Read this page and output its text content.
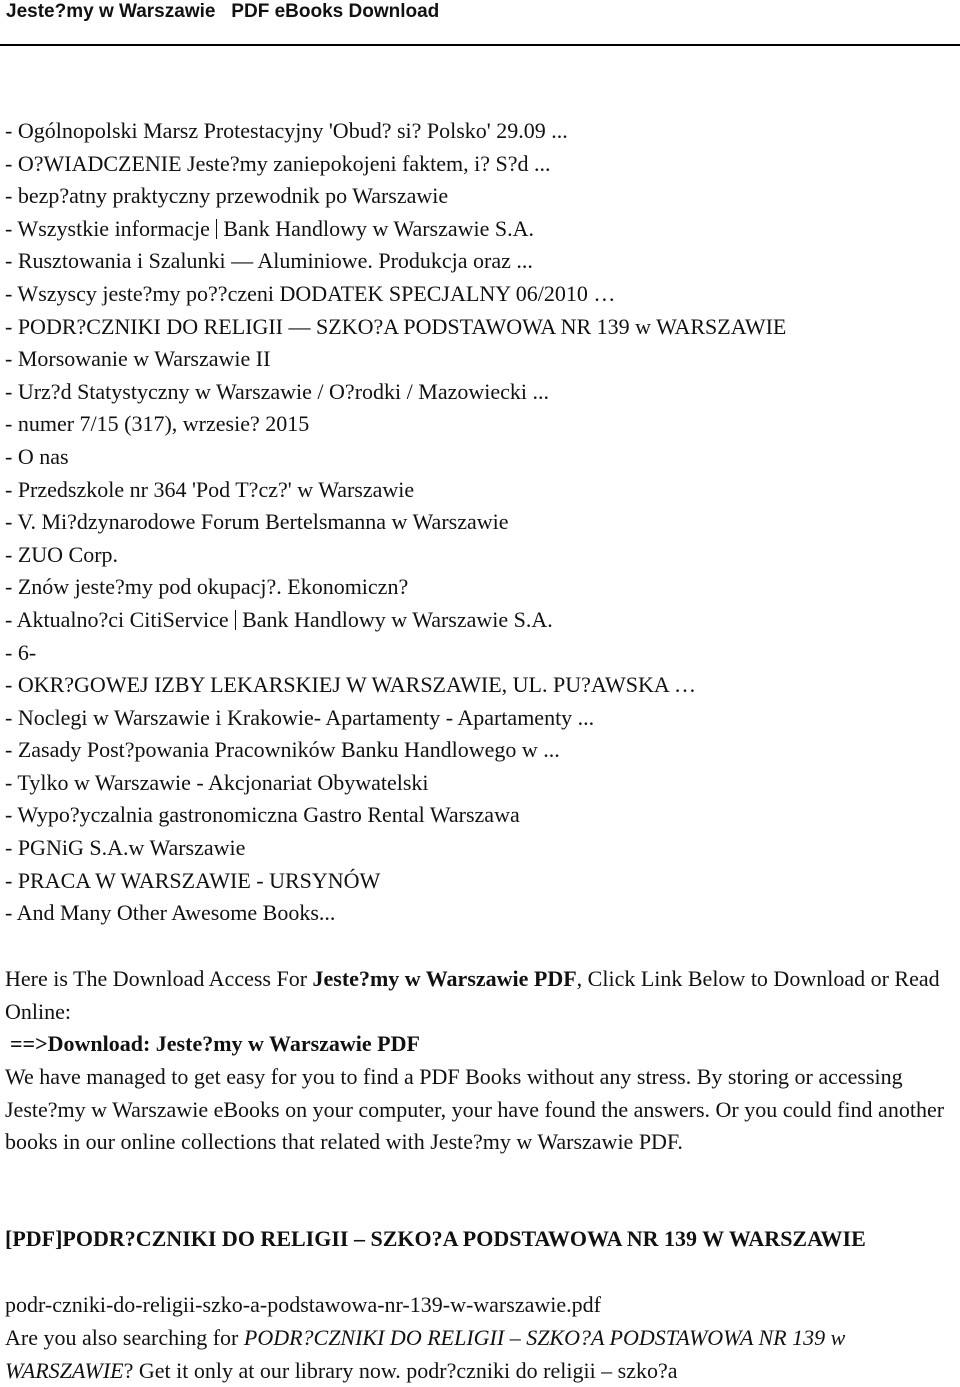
Jeste?my w Warszawie PDF eBooks Download
- Ogólnopolski Marsz Protestacyjny 'Obud? si? Polsko' 29.09 ...
- O?WIADCZENIE Jeste?my zaniepokojeni faktem, i? S?d ...
- bezp?atny praktyczny przewodnik po Warszawie
- Wszystkie informacje Bank Handlowy w Warszawie S.A.
- Rusztowania i Szalunki — Aluminiowe. Produkcja oraz ...
- Wszyscy jeste?my po??czeni DODATEK SPECJALNY 06/2010 …
- PODR?CZNIKI DO RELIGII — SZKO?A PODSTAWOWA NR 139 w WARSZAWIE
- Morsowanie w Warszawie II
- Urz?d Statystyczny w Warszawie / O?rodki / Mazowiecki ...
- numer 7/15 (317), wrzesie? 2015
- O nas
- Przedszkole nr 364 'Pod T?cz?' w Warszawie
- V. Mi?dzynarodowe Forum Bertelsmanna w Warszawie
- ZUO Corp.
- Znów jeste?my pod okupacj?. Ekonomiczn?
- Aktualno?ci CitiService Bank Handlowy w Warszawie S.A.
- 6-
- OKR?GOWEJ IZBY LEKARSKIEJ W WARSZAWIE, UL. PU?AWSKA …
- Noclegi w Warszawie i Krakowie- Apartamenty - Apartamenty ...
- Zasady Post?powania Pracowników Banku Handlowego w ...
- Tylko w Warszawie - Akcjonariat Obywatelski
- Wypo?yczalnia gastronomiczna Gastro Rental Warszawa
- PGNiG S.A.w Warszawie
- PRACA W WARSZAWIE - URSYNÓW
- And Many Other Awesome Books...
Here is The Download Access For Jeste?my w Warszawie PDF, Click Link Below to Download or Read Online:
==>Download: Jeste?my w Warszawie PDF
We have managed to get easy for you to find a PDF Books without any stress. By storing or accessing Jeste?my w Warszawie eBooks on your computer, your have found the answers. Or you could find another books in our online collections that related with Jeste?my w Warszawie PDF.
[PDF]PODR?CZNIKI DO RELIGII – SZKO?A PODSTAWOWA NR 139 W WARSZAWIE
podr-czniki-do-religii-szko-a-podstawowa-nr-139-w-warszawie.pdf
Are you also searching for PODR?CZNIKI DO RELIGII – SZKO?A PODSTAWOWA NR 139 w WARSZAWIE? Get it only at our library now. podr?czniki do religii – szko?a
